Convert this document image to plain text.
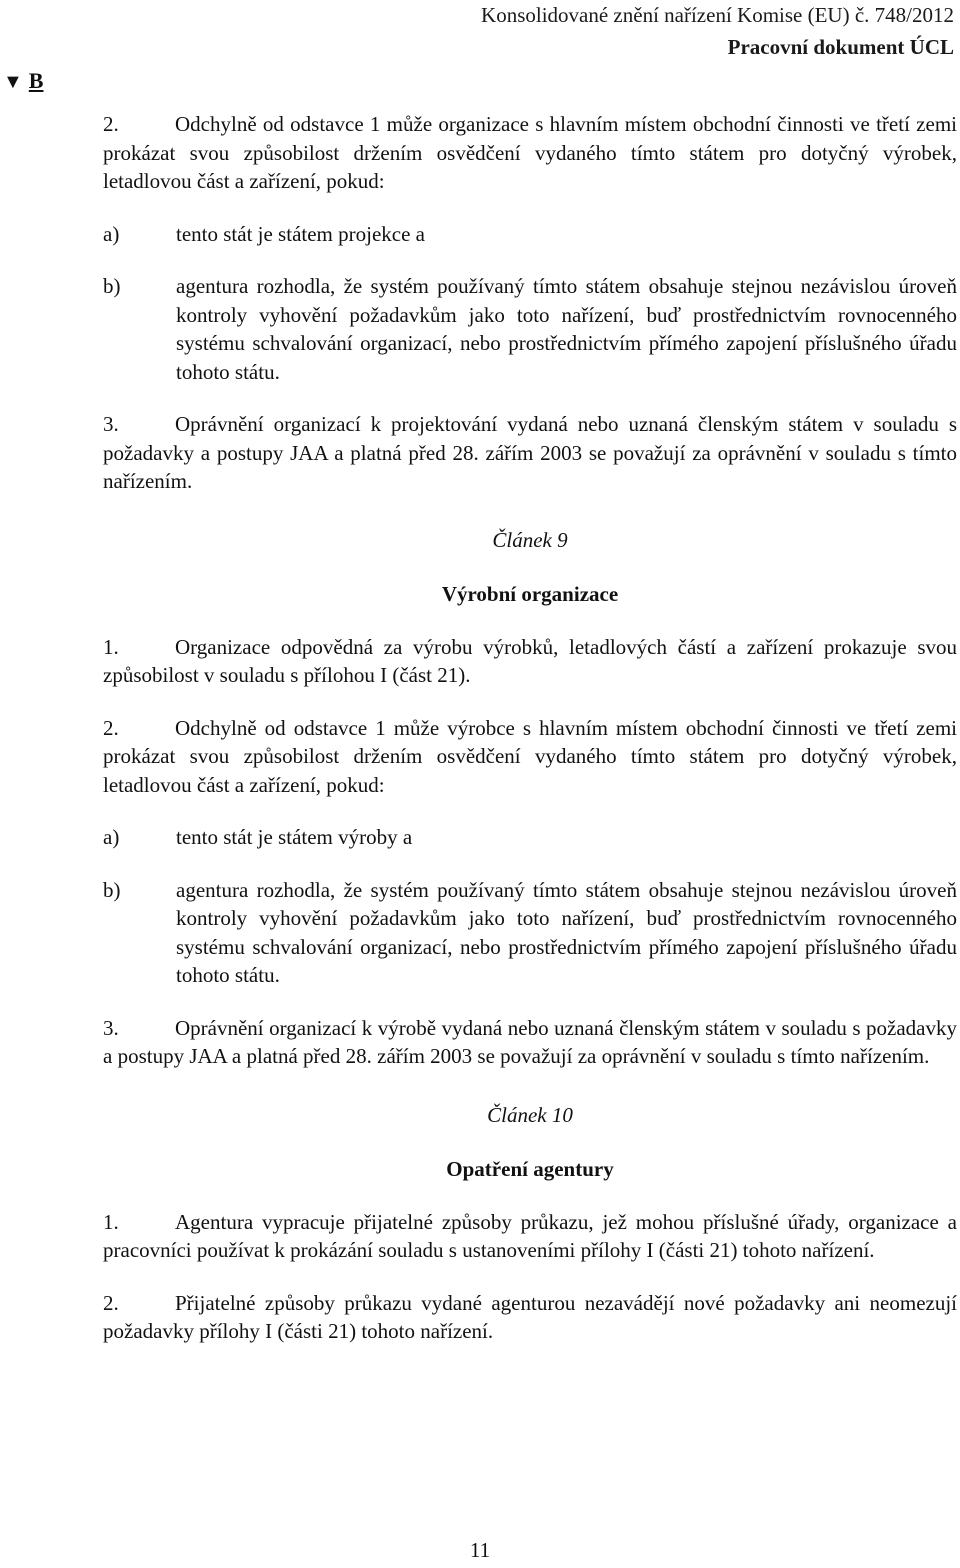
Konsolidované znění nařízení Komise (EU) č. 748/2012
Pracovní dokument ÚCL
▼ B

2.	Odchylně od odstavce 1 může organizace s hlavním místem obchodní činnosti ve třetí zemi prokázat svou způsobilost držením osvědčení vydaného tímto státem pro dotyčný výrobek, letadlovou část a zařízení, pokud:

a)	tento stát je státem projekce a
b)	agentura rozhodla, že systém používaný tímto státem obsahuje stejnou nezávislou úroveň kontroly vyhovění požadavkům jako toto nařízení, buď prostřednictvím rovnocenného systému schvalování organizací, nebo prostřednictvím přímého zapojení příslušného úřadu tohoto státu.

3.	Oprávnění organizací k projektování vydaná nebo uznaná členským státem v souladu s požadavky a postupy JAA a platná před 28. zářím 2003 se považují za oprávnění v souladu s tímto nařízením.

Článek 9
Výrobní organizace

1.	Organizace odpovědná za výrobu výrobků, letadlových částí a zařízení prokazuje svou způsobilost v souladu s přílohou I (část 21).

2.	Odchylně od odstavce 1 může výrobce s hlavním místem obchodní činnosti ve třetí zemi prokázat svou způsobilost držením osvědčení vydaného tímto státem pro dotyčný výrobek, letadlovou část a zařízení, pokud:

a)	tento stát je státem výroby a
b)	agentura rozhodla, že systém používaný tímto státem obsahuje stejnou nezávislou úroveň kontroly vyhovění požadavkům jako toto nařízení, buď prostřednictvím rovnocenného systému schvalování organizací, nebo prostřednictvím přímého zapojení příslušného úřadu tohoto státu.

3.	Oprávnění organizací k výrobě vydaná nebo uznaná členským státem v souladu s požadavky a postupy JAA a platná před 28. zářím 2003 se považují za oprávnění v souladu s tímto nařízením.

Článek 10
Opatření agentury

1.	Agentura vypracuje přijatelné způsoby průkazu, jež mohou příslušné úřady, organizace a pracovníci používat k prokázání souladu s ustanoveními přílohy I (části 21) tohoto nařízení.

2.	Přijatelné způsoby průkazu vydané agenturou nezavádějí nové požadavky ani neomezují požadavky přílohy I (části 21) tohoto nařízení.

11
